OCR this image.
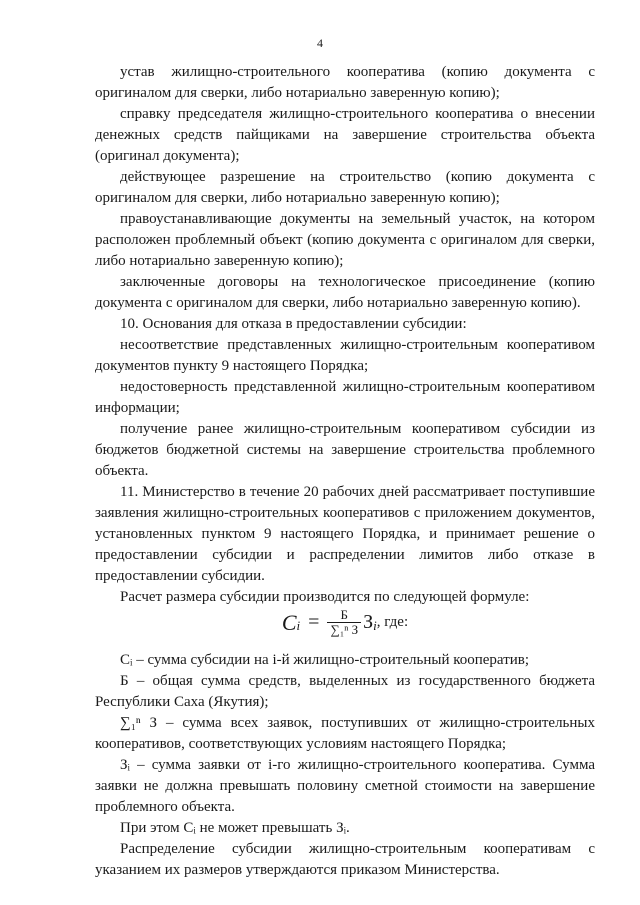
4

устав жилищно-строительного кооператива (копию документа с оригиналом для сверки, либо нотариально заверенную копию);

справку председателя жилищно-строительного кооператива о внесении денежных средств пайщиками на завершение строительства объекта (оригинал документа);

действующее разрешение на строительство (копию документа с оригиналом для сверки, либо нотариально заверенную копию);

правоустанавливающие документы на земельный участок, на котором расположен проблемный объект (копию документа с оригиналом для сверки, либо нотариально заверенную копию);

заключенные договоры на технологическое присоединение (копию документа с оригиналом для сверки, либо нотариально заверенную копию).

10. Основания для отказа в предоставлении субсидии:

несоответствие представленных жилищно-строительным кооперативом документов пункту 9 настоящего Порядка;

недостоверность представленной жилищно-строительным кооперативом информации;

получение ранее жилищно-строительным кооперативом субсидии из бюджетов бюджетной системы на завершение строительства проблемного объекта.

11. Министерство в течение 20 рабочих дней рассматривает поступившие заявления жилищно-строительных кооперативов с приложением документов, установленных пунктом 9 настоящего Порядка, и принимает решение о предоставлении субсидии и распределении лимитов либо отказе в предоставлении субсидии.

Расчет размера субсидии производится по следующей формуле:

$C_i = \frac{Б}{\text{∑₁ⁿ З}} З_i$, где:

Сᵢ – сумма субсидии на i-й жилищно-строительный кооператив;

Б – общая сумма средств, выделенных из государственного бюджета Республики Саха (Якутия);

∑₁ⁿ З – сумма всех заявок, поступивших от жилищно-строительных кооперативов, соответствующих условиям настоящего Порядка;

Зᵢ – сумма заявки от i-го жилищно-строительного кооператива. Сумма заявки не должна превышать половину сметной стоимости на завершение проблемного объекта.

При этом Сᵢ не может превышать Зᵢ.

Распределение субсидии жилищно-строительным кооперативам с указанием их размеров утверждаются приказом Министерства.
